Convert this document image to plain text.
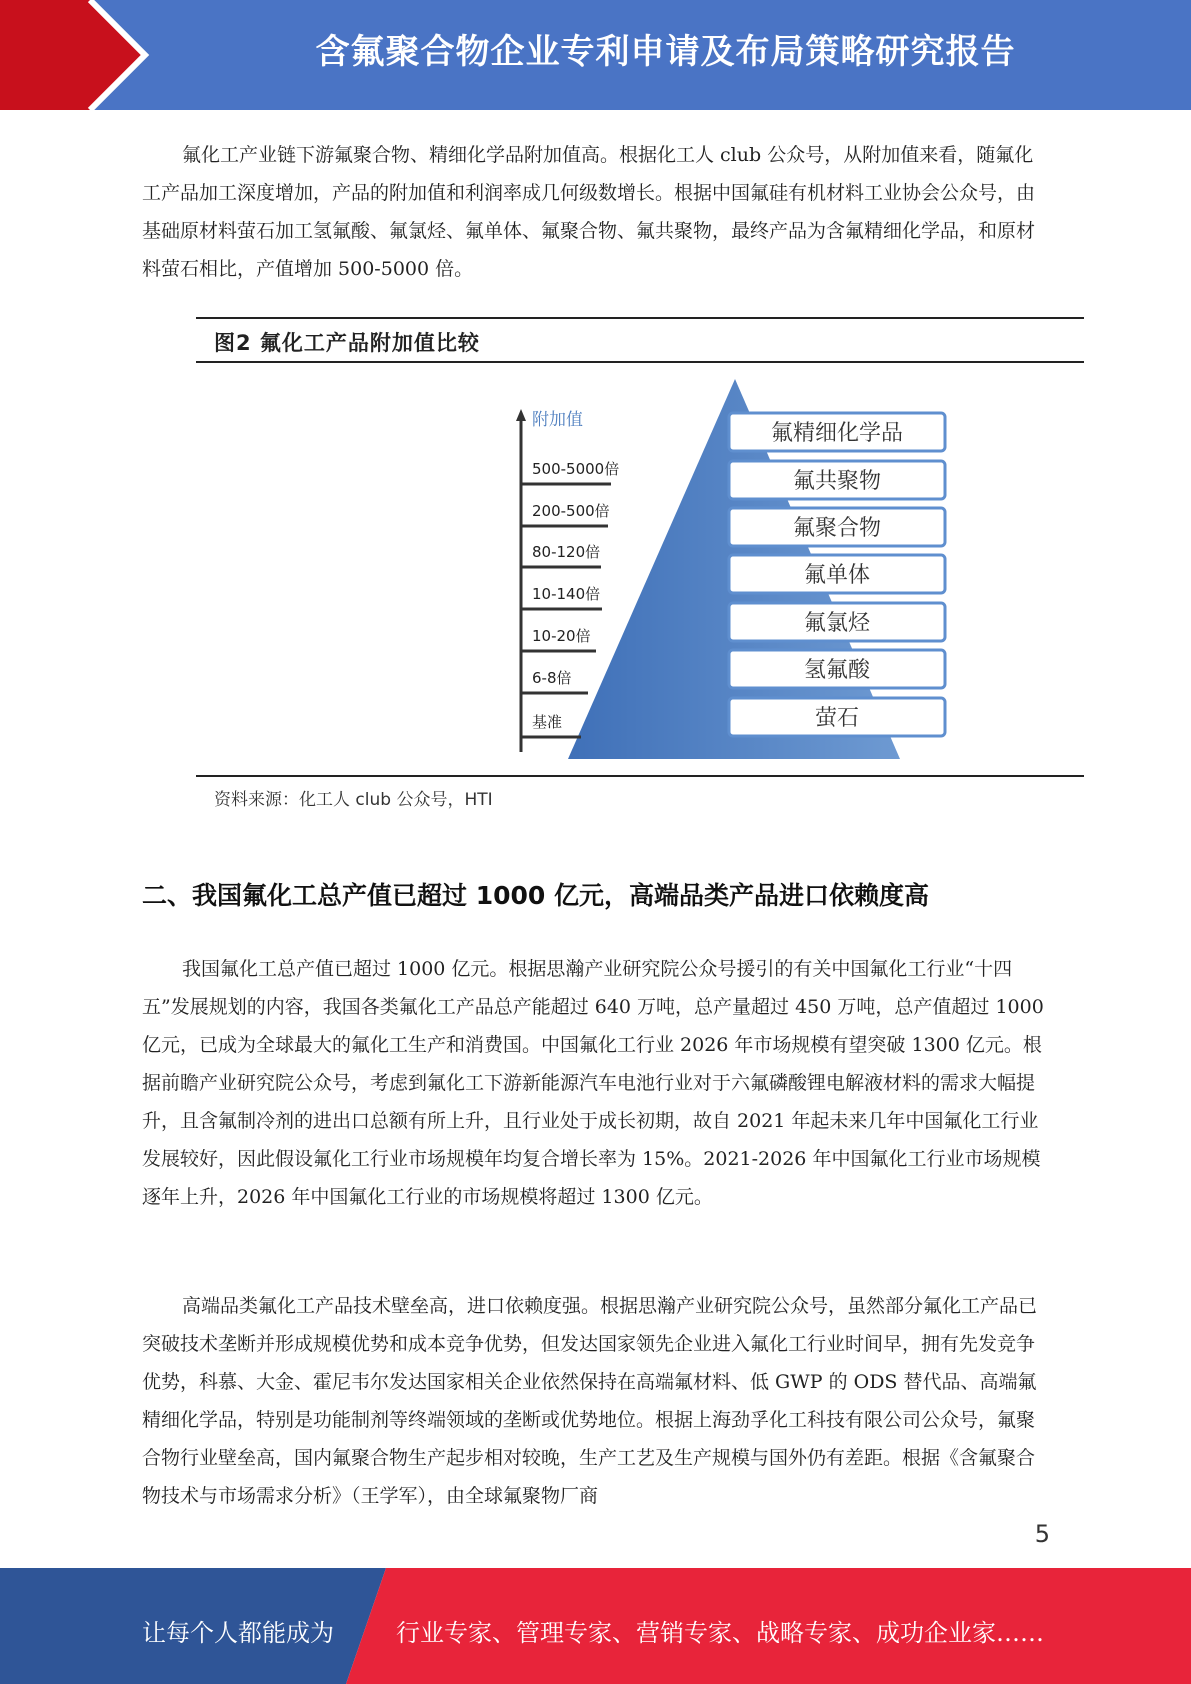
含氟聚合物企业专利申请及布局策略研究报告

氟化工产业链下游氟聚合物、精细化学品附加值高。根据化工人 club 公众号，从附加值来看，随氟化工产品加工深度增加，产品的附加值和利润率成几何级数增长。根据中国氟硅有机材料工业协会公众号，由基础原材料萤石加工氢氟酸、氟氯烃、氟单体、氟聚合物、氟共聚物，最终产品为含氟精细化学品，和原材料萤石相比，产值增加 500-5000 倍。

图2 氟化工产品附加值比较
附加值
500-5000倍
200-500倍
80-120倍
10-140倍
10-20倍
6-8倍
基准
氟精细化学品
氟共聚物
氟聚合物
氟单体
氟氯烃
氢氟酸
萤石
资料来源：化工人 club 公众号，HTI
二、我国氟化工总产值已超过 1000 亿元，高端品类产品进口依赖度高

我国氟化工总产值已超过 1000 亿元。根据思瀚产业研究院公众号援引的有关中国氟化工行业“十四五”发展规划的内容，我国各类氟化工产品总产能超过 640 万吨，总产量超过 450 万吨，总产值超过 1000 亿元，已成为全球最大的氟化工生产和消费国。中国氟化工行业 2026 年市场规模有望突破 1300 亿元。根据前瞻产业研究院公众号，考虑到氟化工下游新能源汽车电池行业对于六氟磷酸锂电解液材料的需求大幅提升，且含氟制冷剂的进出口总额有所上升，且行业处于成长初期，故自 2021 年起未来几年中国氟化工行业发展较好，因此假设氟化工行业市场规模年均复合增长率为 15%。2021-2026 年中国氟化工行业市场规模逐年上升，2026 年中国氟化工行业的市场规模将超过 1300 亿元。

高端品类氟化工产品技术壁垒高，进口依赖度强。根据思瀚产业研究院公众号，虽然部分氟化工产品已突破技术垄断并形成规模优势和成本竞争优势，但发达国家领先企业进入氟化工行业时间早，拥有先发竞争优势，科慕、大金、霍尼韦尔发达国家相关企业依然保持在高端氟材料、低 GWP 的 ODS 替代品、高端氟精细化学品，特别是功能制剂等终端领域的垄断或优势地位。根据上海劲孚化工科技有限公司公众号，氟聚合物行业壁垒高，国内氟聚合物生产起步相对较晚，生产工艺及生产规模与国外仍有差距。根据《含氟聚合物技术与市场需求分析》（王学军），由全球氟聚物厂商

5
让每个人都能成为	行业专家、管理专家、营销专家、战略专家、成功企业家……
